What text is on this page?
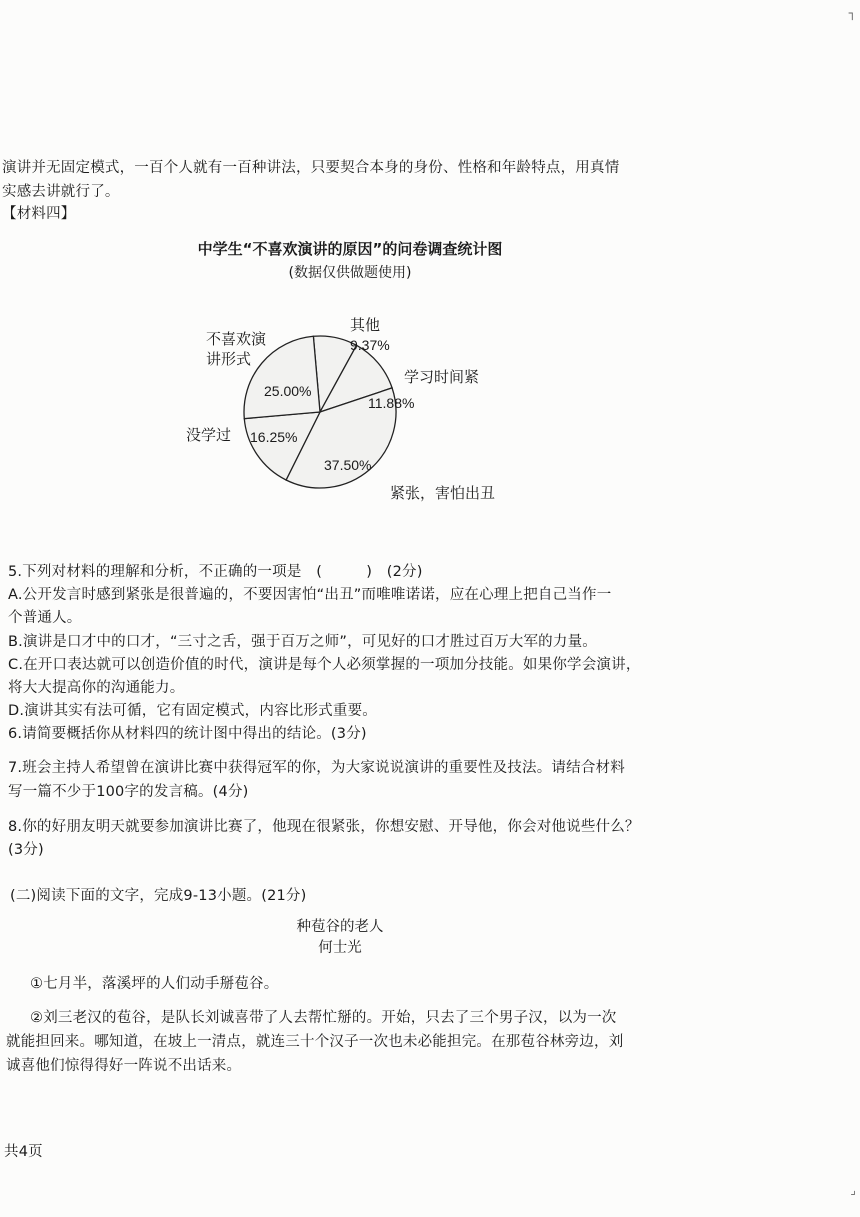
┐
演讲并无固定模式，一百个人就有一百种讲法，只要契合本身的身份、性格和年龄特点，用真情
实感去讲就行了。
【材料四】
中学生“不喜欢演讲的原因”的问卷调查统计图
(数据仅供做题使用)
9.37%
11.88%
37.50%
16.25%
25.00%
其他
学习时间紧
紧张，害怕出丑
没学过
不喜欢演
讲形式
5.下列对材料的理解和分析，不正确的一项是　(　　　)　(2分)
A.公开发言时感到紧张是很普遍的，不要因害怕“出丑”而唯唯诺诺，应在心理上把自己当作一
个普通人。
B.演讲是口才中的口才，“三寸之舌，强于百万之师”，可见好的口才胜过百万大军的力量。
C.在开口表达就可以创造价值的时代，演讲是每个人必须掌握的一项加分技能。如果你学会演讲，
将大大提高你的沟通能力。
D.演讲其实有法可循，它有固定模式，内容比形式重要。
6.请简要概括你从材料四的统计图中得出的结论。(3分)
7.班会主持人希望曾在演讲比赛中获得冠军的你，为大家说说演讲的重要性及技法。请结合材料
写一篇不少于100字的发言稿。(4分)
8.你的好朋友明天就要参加演讲比赛了，他现在很紧张，你想安慰、开导他，你会对他说些什么？
(3分)
(二)阅读下面的文字，完成9-13小题。(21分)
种苞谷的老人
何士光
①七月半，落溪坪的人们动手掰苞谷。
②刘三老汉的苞谷，是队长刘诚喜带了人去帮忙掰的。开始，只去了三个男子汉，以为一次
就能担回来。哪知道，在坡上一清点，就连三十个汉子一次也未必能担完。在那苞谷林旁边，刘
诚喜他们惊得得好一阵说不出话来。
共4页
⌟
